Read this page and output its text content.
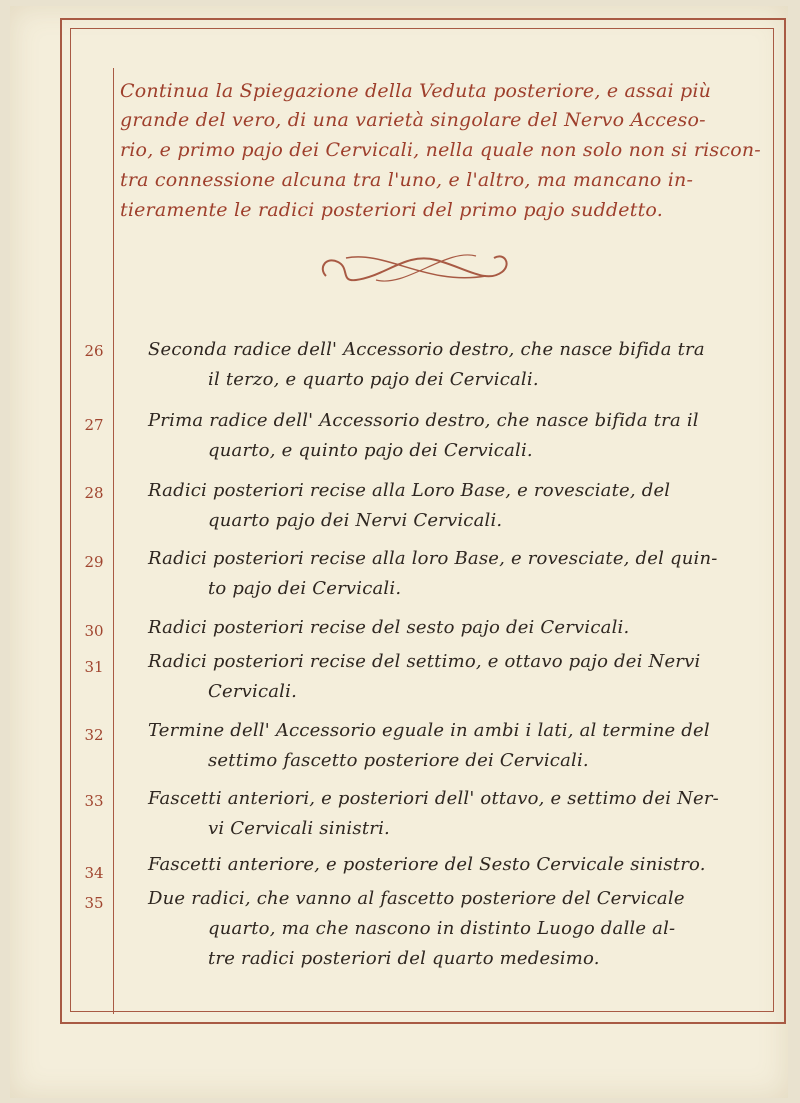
Continua la Spiegazione della Veduta posteriore, e assai più
grande del vero, di una varietà singolare del Nervo Acceso-
rio, e primo pajo dei Cervicali, nella quale non solo non si riscon-
tra connessione alcuna tra l'uno, e l'altro, ma mancano in-
tieramente le radici posteriori del primo pajo suddetto.
26	Seconda radice dell' Accessorio destro, che nasce bifida tra
il terzo, e quarto pajo dei Cervicali.
27	Prima radice dell' Accessorio destro, che nasce bifida tra il
quarto, e quinto pajo dei Cervicali.
28	Radici posteriori recise alla Loro Base, e rovesciate, del
quarto pajo dei Nervi Cervicali.
29	Radici posteriori recise alla loro Base, e rovesciate, del quin-
to pajo dei Cervicali.
30	Radici posteriori recise del sesto pajo dei Cervicali.
31	Radici posteriori recise del settimo, e ottavo pajo dei Nervi
Cervicali.
32	Termine dell' Accessorio eguale in ambi i lati, al termine del
settimo fascetto posteriore dei Cervicali.
33	Fascetti anteriori, e posteriori dell' ottavo, e settimo dei Ner-
vi Cervicali sinistri.
34	Fascetti anteriore, e posteriore del Sesto Cervicale sinistro.
35	Due radici, che vanno al fascetto posteriore del Cervicale
quarto, ma che nascono in distinto Luogo dalle al-
tre radici posteriori del quarto medesimo.
